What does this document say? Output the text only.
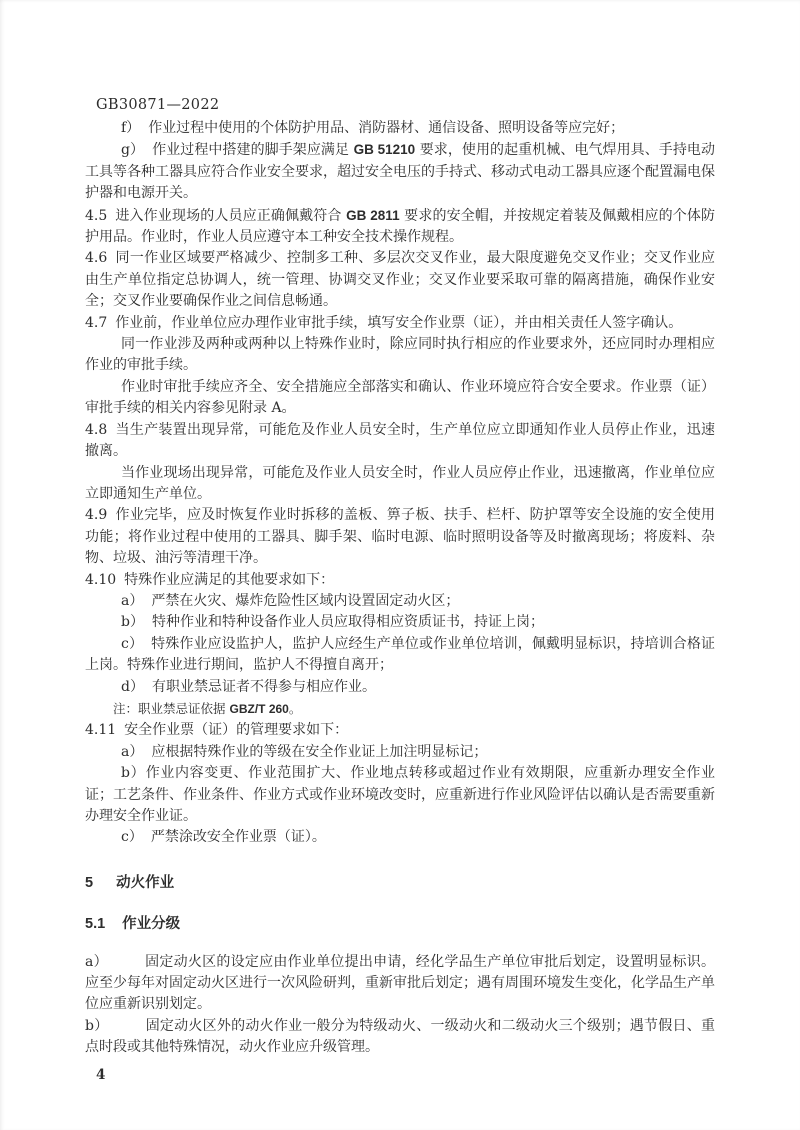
GB30871—2022

f） 作业过程中使用的个体防护用品、消防器材、通信设备、照明设备等应完好；

g） 作业过程中搭建的脚手架应满足 GB 51210 要求，使用的起重机械、电气焊用具、手持电动工具等各种工器具应符合作业安全要求，超过安全电压的手持式、移动式电动工器具应逐个配置漏电保护器和电源开关。

4.5 进入作业现场的人员应正确佩戴符合 GB 2811 要求的安全帽，并按规定着装及佩戴相应的个体防护用品。作业时，作业人员应遵守本工种安全技术操作规程。

4.6 同一作业区域要严格减少、控制多工种、多层次交叉作业，最大限度避免交叉作业；交叉作业应由生产单位指定总协调人，统一管理、协调交叉作业；交叉作业要采取可靠的隔离措施，确保作业安全；交叉作业要确保作业之间信息畅通。

4.7 作业前，作业单位应办理作业审批手续，填写安全作业票（证），并由相关责任人签字确认。

同一作业涉及两种或两种以上特殊作业时，除应同时执行相应的作业要求外，还应同时办理相应作业的审批手续。

作业时审批手续应齐全、安全措施应全部落实和确认、作业环境应符合安全要求。作业票（证）审批手续的相关内容参见附录 A。

4.8 当生产装置出现异常，可能危及作业人员安全时，生产单位应立即通知作业人员停止作业，迅速撤离。

当作业现场出现异常，可能危及作业人员安全时，作业人员应停止作业，迅速撤离，作业单位应立即通知生产单位。

4.9 作业完毕，应及时恢复作业时拆移的盖板、箅子板、扶手、栏杆、防护罩等安全设施的安全使用功能；将作业过程中使用的工器具、脚手架、临时电源、临时照明设备等及时撤离现场；将废料、杂物、垃圾、油污等清理干净。

4.10 特殊作业应满足的其他要求如下：

a） 严禁在火灾、爆炸危险性区域内设置固定动火区；

b） 特种作业和特种设备作业人员应取得相应资质证书，持证上岗；

c） 特殊作业应设监护人，监护人应经生产单位或作业单位培训，佩戴明显标识，持培训合格证上岗。特殊作业进行期间，监护人不得擅自离开；

d） 有职业禁忌证者不得参与相应作业。

注：职业禁忌证依据 GBZ/T 260。

4.11 安全作业票（证）的管理要求如下：

a） 应根据特殊作业的等级在安全作业证上加注明显标记；

b）作业内容变更、作业范围扩大、作业地点转移或超过作业有效期限，应重新办理安全作业证；工艺条件、作业条件、作业方式或作业环境改变时，应重新进行作业风险评估以确认是否需要重新办理安全作业证。

c） 严禁涂改安全作业票（证）。

5 动火作业

5.1 作业分级

a）	固定动火区的设定应由作业单位提出申请，经化学品生产单位审批后划定，设置明显标识。应至少每年对固定动火区进行一次风险研判，重新审批后划定；遇有周围环境发生变化，化学品生产单位应重新识别划定。

b）	固定动火区外的动火作业一般分为特级动火、一级动火和二级动火三个级别；遇节假日、重点时段或其他特殊情况，动火作业应升级管理。

4
